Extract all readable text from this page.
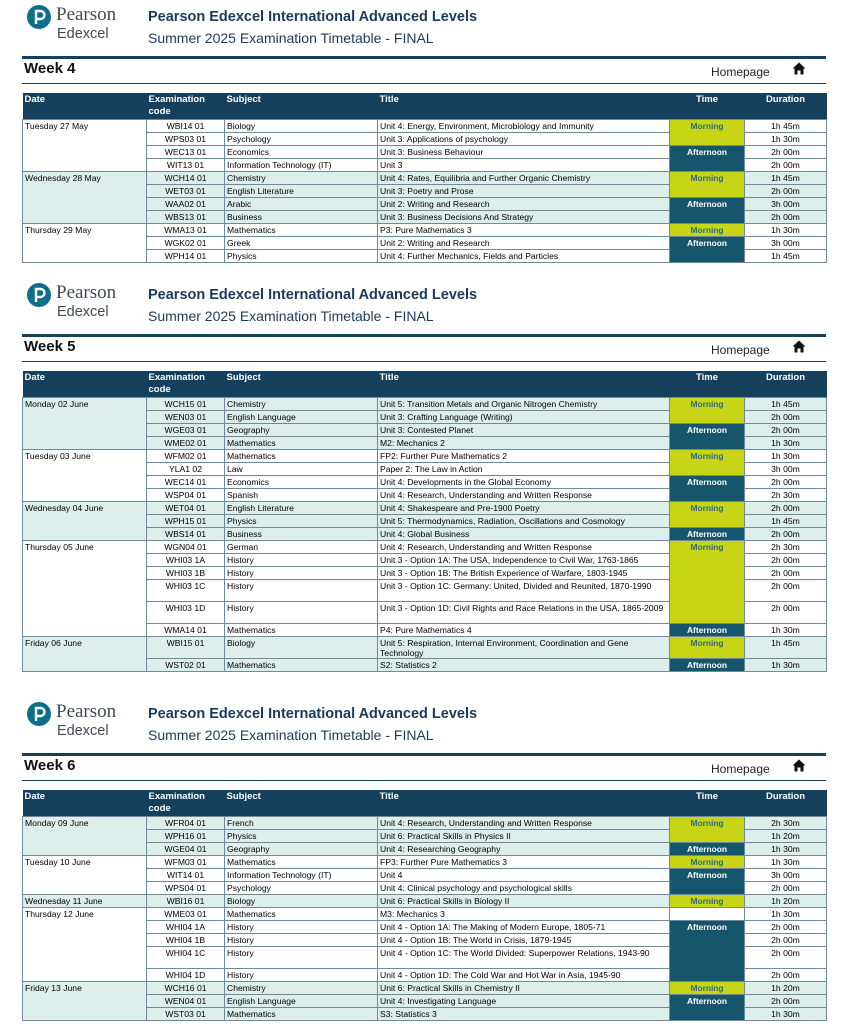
Pearson
Edexcel
Pearson Edexcel International Advanced Levels
Summer 2025 Examination Timetable - FINAL
Week 4	Homepage
Date	Examination code	Subject	Title	Time	Duration
Tuesday 27 May	WBI14 01	Biology	Unit 4: Energy, Environment, Microbiology and Immunity	Morning	1h 45m
	WPS03 01	Psychology	Unit 3: Applications of psychology		1h 30m
	WEC13 01	Economics	Unit 3: Business Behaviour	Afternoon	2h 00m
	WIT13 01	Information Technology (IT)	Unit 3		2h 00m
Wednesday 28 May	WCH14 01	Chemistry	Unit 4: Rates, Equilibria and Further Organic Chemistry	Morning	1h 45m
	WET03 01	English Literature	Unit 3: Poetry and Prose		2h 00m
	WAA02 01	Arabic	Unit 2: Writing and Research	Afternoon	3h 00m
	WBS13 01	Business	Unit 3: Business Decisions And Strategy		2h 00m
Thursday 29 May	WMA13 01	Mathematics	P3: Pure Mathematics 3	Morning	1h 30m
	WGK02 01	Greek	Unit 2: Writing and Research	Afternoon	3h 00m
	WPH14 01	Physics	Unit 4: Further Mechanics, Fields and Particles		1h 45m
Pearson
Edexcel
Pearson Edexcel International Advanced Levels
Summer 2025 Examination Timetable - FINAL
Week 5	Homepage
Date	Examination code	Subject	Title	Time	Duration
Monday 02 June	WCH15 01	Chemistry	Unit 5: Transition Metals and Organic Nitrogen Chemistry	Morning	1h 45m
	WEN03 01	English Language	Unit 3: Crafting Language (Writing)		2h 00m
	WGE03 01	Geography	Unit 3: Contested Planet	Afternoon	2h 00m
	WME02 01	Mathematics	M2: Mechanics 2		1h 30m
Tuesday 03 June	WFM02 01	Mathematics	FP2: Further Pure Mathematics 2	Morning	1h 30m
	YLA1 02	Law	Paper 2: The Law in Action		3h 00m
	WEC14 01	Economics	Unit 4: Developments in the Global Economy	Afternoon	2h 00m
	WSP04 01	Spanish	Unit 4: Research, Understanding and Written Response		2h 30m
Wednesday 04 June	WET04 01	English Literature	Unit 4: Shakespeare and Pre-1900 Poetry	Morning	2h 00m
	WPH15 01	Physics	Unit 5: Thermodynamics, Radiation, Oscillations and Cosmology		1h 45m
	WBS14 01	Business	Unit 4: Global Business	Afternoon	2h 00m
Thursday 05 June	WGN04 01	German	Unit 4: Research, Understanding and Written Response	Morning	2h 30m
	WHI03 1A	History	Unit 3 - Option 1A: The USA, Independence to Civil War, 1763-1865		2h 00m
	WHI03 1B	History	Unit 3 - Option 1B: The British Experience of Warfare, 1803-1945		2h 00m
	WHI03 1C	History	Unit 3 - Option 1C: Germany: United, Divided and Reunited, 1870-1990		2h 00m
	WHI03 1D	History	Unit 3 - Option 1D: Civil Rights and Race Relations in the USA, 1865-2009		2h 00m
	WMA14 01	Mathematics	P4: Pure Mathematics 4	Afternoon	1h 30m
Friday 06 June	WBI15 01	Biology	Unit 5: Respiration, Internal Environment, Coordination and Gene Technology	Morning	1h 45m
	WST02 01	Mathematics	S2: Statistics 2	Afternoon	1h 30m
Pearson
Edexcel
Pearson Edexcel International Advanced Levels
Summer 2025 Examination Timetable - FINAL
Week 6	Homepage
Date	Examination code	Subject	Title	Time	Duration
Monday 09 June	WFR04 01	French	Unit 4: Research, Understanding and Written Response	Morning	2h 30m
	WPH16 01	Physics	Unit 6: Practical Skills in Physics II		1h 20m
	WGE04 01	Geography	Unit 4: Researching Geography	Afternoon	1h 30m
Tuesday 10 June	WFM03 01	Mathematics	FP3: Further Pure Mathematics 3	Morning	1h 30m
	WIT14 01	Information Technology (IT)	Unit 4	Afternoon	3h 00m
	WPS04 01	Psychology	Unit 4: Clinical psychology and psychological skills		2h 00m
Wednesday 11 June	WBI16 01	Biology	Unit 6: Practical Skills in Biology II	Morning	1h 20m
Thursday 12 June	WME03 01	Mathematics	M3: Mechanics 3		1h 30m
	WHI04 1A	History	Unit 4 - Option 1A: The Making of Modern Europe, 1805-71	Afternoon	2h 00m
	WHI04 1B	History	Unit 4 - Option 1B: The World in Crisis, 1879-1945		2h 00m
	WHI04 1C	History	Unit 4 - Option 1C: The World Divided: Superpower Relations, 1943-90		2h 00m
	WHI04 1D	History	Unit 4 - Option 1D: The Cold War and Hot War in Asia, 1945-90		2h 00m
Friday 13 June	WCH16 01	Chemistry	Unit 6: Practical Skills in Chemistry II	Morning	1h 20m
	WEN04 01	English Language	Unit 4: Investigating Language	Afternoon	2h 00m
	WST03 01	Mathematics	S3: Statistics 3		1h 30m
